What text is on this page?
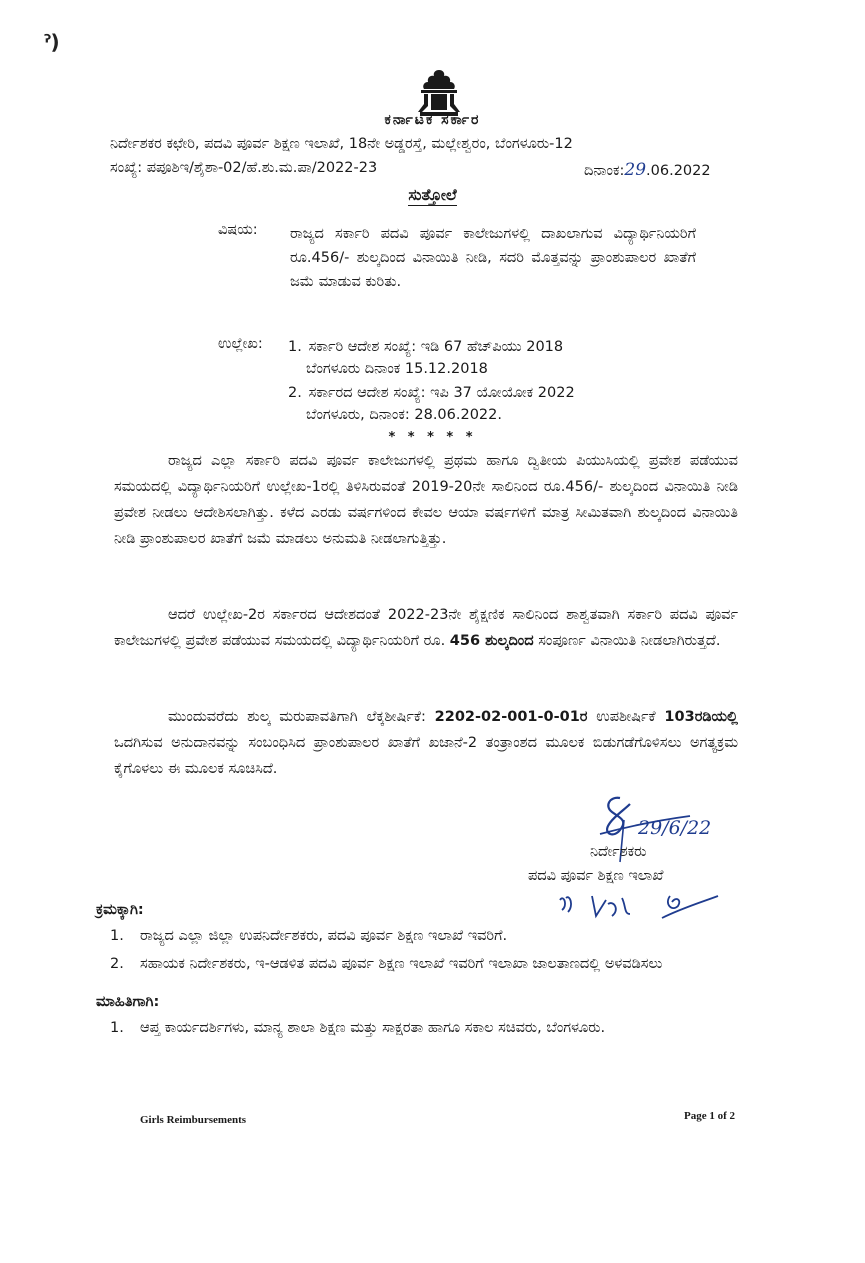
ˀ)
ಕರ್ನಾಟಕ ಸರ್ಕಾರ
ನಿರ್ದೇಶಕರ ಕಛೇರಿ, ಪದವಿ ಪೂರ್ವ ಶಿಕ್ಷಣ ಇಲಾಖೆ, 18ನೇ ಅಡ್ಡರಸ್ತೆ, ಮಲ್ಲೇಶ್ವರಂ, ಬೆಂಗಳೂರು-12
ಸಂಖ್ಯೆ: ಪಪೂಶಿಇ/ಶೈಶಾ-02/ಹೆ.ಶು.ಮ.ಪಾ/2022-23	ದಿನಾಂಕ:29.06.2022
ಸುತ್ತೋಲೆ
ವಿಷಯ: ರಾಜ್ಯದ ಸರ್ಕಾರಿ ಪದವಿ ಪೂರ್ವ ಕಾಲೇಜುಗಳಲ್ಲಿ ದಾಖಲಾಗುವ ವಿದ್ಯಾರ್ಥಿನಿಯರಿಗೆ ರೂ.456/- ಶುಲ್ಕದಿಂದ ವಿನಾಯಿತಿ ನೀಡಿ, ಸದರಿ ಮೊತ್ತವನ್ನು ಪ್ರಾಂಶುಪಾಲರ ಖಾತೆಗೆ ಜಮೆ ಮಾಡುವ ಕುರಿತು.
ಉಲ್ಲೇಖ: 1. ಸರ್ಕಾರಿ ಆದೇಶ ಸಂಖ್ಯೆ: ಇಡಿ 67 ಹೆಚ್‌ಪಿಯು 2018
ಬೆಂಗಳೂರು ದಿನಾಂಕ 15.12.2018
2. ಸರ್ಕಾರದ ಆದೇಶ ಸಂಖ್ಯೆ: ಇಪಿ 37 ಯೋಯೋಕ 2022
ಬೆಂಗಳೂರು, ದಿನಾಂಕ: 28.06.2022.
* * * * *

ರಾಜ್ಯದ ಎಲ್ಲಾ ಸರ್ಕಾರಿ ಪದವಿ ಪೂರ್ವ ಕಾಲೇಜುಗಳಲ್ಲಿ ಪ್ರಥಮ ಹಾಗೂ ದ್ವಿತೀಯ ಪಿಯುಸಿಯಲ್ಲಿ ಪ್ರವೇಶ ಪಡೆಯುವ ಸಮಯದಲ್ಲಿ ವಿದ್ಯಾರ್ಥಿನಿಯರಿಗೆ ಉಲ್ಲೇಖ-1ರಲ್ಲಿ ತಿಳಿಸಿರುವಂತೆ 2019-20ನೇ ಸಾಲಿನಿಂದ ರೂ.456/- ಶುಲ್ಕದಿಂದ ವಿನಾಯಿತಿ ನೀಡಿ ಪ್ರವೇಶ ನೀಡಲು ಆದೇಶಿಸಲಾಗಿತ್ತು. ಕಳೆದ ಎರಡು ವರ್ಷಗಳಿಂದ ಕೇವಲ ಆಯಾ ವರ್ಷಗಳಿಗೆ ಮಾತ್ರ ಸೀಮಿತವಾಗಿ ಶುಲ್ಕದಿಂದ ವಿನಾಯಿತಿ ನೀಡಿ ಪ್ರಾಂಶುಪಾಲರ ಖಾತೆಗೆ ಜಮೆ ಮಾಡಲು ಅನುಮತಿ ನೀಡಲಾಗುತ್ತಿತ್ತು.

ಆದರೆ ಉಲ್ಲೇಖ-2ರ ಸರ್ಕಾರದ ಆದೇಶದಂತೆ 2022-23ನೇ ಶೈಕ್ಷಣಿಕ ಸಾಲಿನಿಂದ ಶಾಶ್ವತವಾಗಿ ಸರ್ಕಾರಿ ಪದವಿ ಪೂರ್ವ ಕಾಲೇಜುಗಳಲ್ಲಿ ಪ್ರವೇಶ ಪಡೆಯುವ ಸಮಯದಲ್ಲಿ ವಿದ್ಯಾರ್ಥಿನಿಯರಿಗೆ ರೂ. 456 ಶುಲ್ಕದಿಂದ ಸಂಪೂರ್ಣ ವಿನಾಯಿತಿ ನೀಡಲಾಗಿರುತ್ತದೆ.

ಮುಂದುವರೆದು ಶುಲ್ಕ ಮರುಪಾವತಿಗಾಗಿ ಲೆಕ್ಕಶೀರ್ಷಿಕೆ: 2202-02-001-0-01ರ ಉಪಶೀರ್ಷಿಕೆ 103ರಡಿಯಲ್ಲಿ ಒದಗಿಸುವ ಅನುದಾನವನ್ನು ಸಂಬಂಧಿಸಿದ ಪ್ರಾಂಶುಪಾಲರ ಖಾತೆಗೆ ಖಜಾನೆ-2 ತಂತ್ರಾಂಶದ ಮೂಲಕ ಬಿಡುಗಡೆಗೊಳಿಸಲು ಅಗತ್ಯಕ್ರಮ ಕೈಗೊಳಲು ಈ ಮೂಲಕ ಸೂಚಿಸಿದೆ.

29/6/22
ನಿರ್ದೇಶಕರು
ಪದವಿ ಪೂರ್ವ ಶಿಕ್ಷಣ ಇಲಾಖೆ
ಕ್ರಮಕ್ಕಾಗಿ:
1.	ರಾಜ್ಯದ ಎಲ್ಲಾ ಜಿಲ್ಲಾ ಉಪನಿರ್ದೇಶಕರು, ಪದವಿ ಪೂರ್ವ ಶಿಕ್ಷಣ ಇಲಾಖೆ ಇವರಿಗೆ.
2.	ಸಹಾಯಕ ನಿರ್ದೇಶಕರು, ಇ-ಆಡಳಿತ ಪದವಿ ಪೂರ್ವ ಶಿಕ್ಷಣ ಇಲಾಖೆ ಇವರಿಗೆ ಇಲಾಖಾ ಜಾಲತಾಣದಲ್ಲಿ ಅಳವಡಿಸಲು
ಮಾಹಿತಿಗಾಗಿ:
1.	ಆಪ್ತ ಕಾರ್ಯದರ್ಶಿಗಳು, ಮಾನ್ಯ ಶಾಲಾ ಶಿಕ್ಷಣ ಮತ್ತು ಸಾಕ್ಷರತಾ ಹಾಗೂ ಸಕಾಲ ಸಚಿವರು, ಬೆಂಗಳೂರು.
Girls Reimbursements	Page 1 of 2
